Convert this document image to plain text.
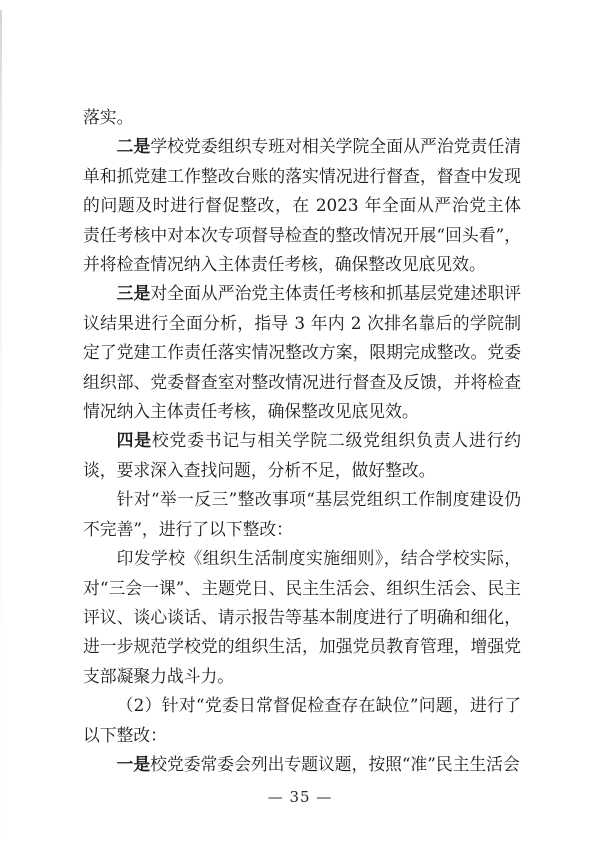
落实。

二是学校党委组织专班对相关学院全面从严治党责任清单和抓党建工作整改台账的落实情况进行督查，督查中发现的问题及时进行督促整改，在 2023 年全面从严治党主体责任考核中对本次专项督导检查的整改情况开展“回头看”，并将检查情况纳入主体责任考核，确保整改见底见效。

三是对全面从严治党主体责任考核和抓基层党建述职评议结果进行全面分析，指导 3 年内 2 次排名靠后的学院制定了党建工作责任落实情况整改方案，限期完成整改。党委组织部、党委督查室对整改情况进行督查及反馈，并将检查情况纳入主体责任考核，确保整改见底见效。

四是校党委书记与相关学院二级党组织负责人进行约谈，要求深入查找问题，分析不足，做好整改。

针对“举一反三”整改事项“基层党组织工作制度建设仍不完善”，进行了以下整改：

印发学校《组织生活制度实施细则》，结合学校实际，对“三会一课”、主题党日、民主生活会、组织生活会、民主评议、谈心谈话、请示报告等基本制度进行了明确和细化，进一步规范学校党的组织生活，加强党员教育管理，增强党支部凝聚力战斗力。

（2）针对“党委日常督促检查存在缺位”问题，进行了以下整改：

一是校党委常委会列出专题议题，按照“准”民主生活会

— 35 —
